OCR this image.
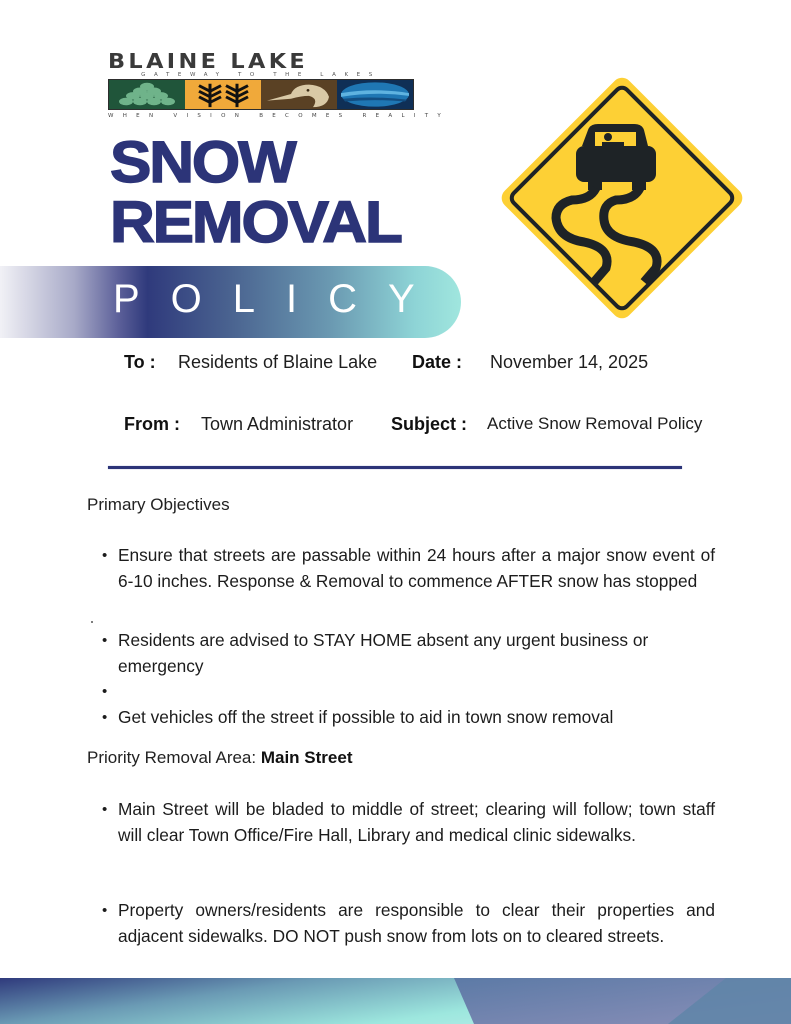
BLAINE LAKE
GATEWAY TO THE LAKES
WHEN VISION BECOMES REALITY
SNOW
REMOVAL
POLICY
To : Residents of Blaine Lake Date : November 14, 2025
From : Town Administrator Subject : Active Snow Removal Policy
Primary Objectives
• Ensure that streets are passable within 24 hours after a major snow event of 6-10 inches. Response & Removal to commence AFTER snow has stopped
• Residents are advised to STAY HOME absent any urgent business or emergency
•
• Get vehicles off the street if possible to aid in town snow removal
Priority Removal Area: Main Street
• Main Street will be bladed to middle of street; clearing will follow; town staff will clear Town Office/Fire Hall, Library and medical clinic sidewalks.
• Property owners/residents are responsible to clear their properties and adjacent sidewalks. DO NOT push snow from lots on to cleared streets.
